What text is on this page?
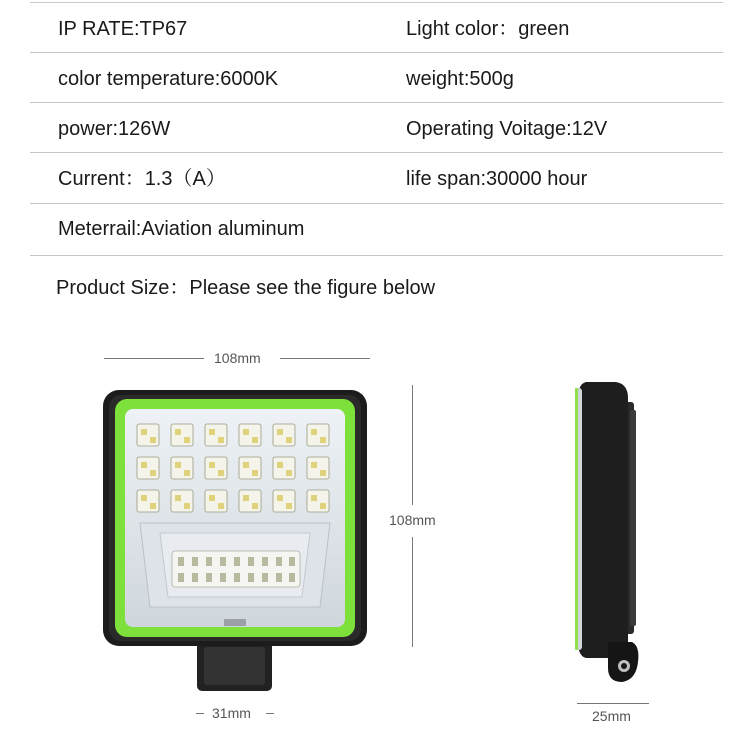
IP RATE:TP67	Light color：green
color temperature:6000K	weight:500g
power:126W	Operating Voitage:12V
Current：1.3（A）	life span:30000 hour
Meterrail:Aviation aluminum
Product Size：Please see the figure below
108mm
108mm
31mm	25mm
